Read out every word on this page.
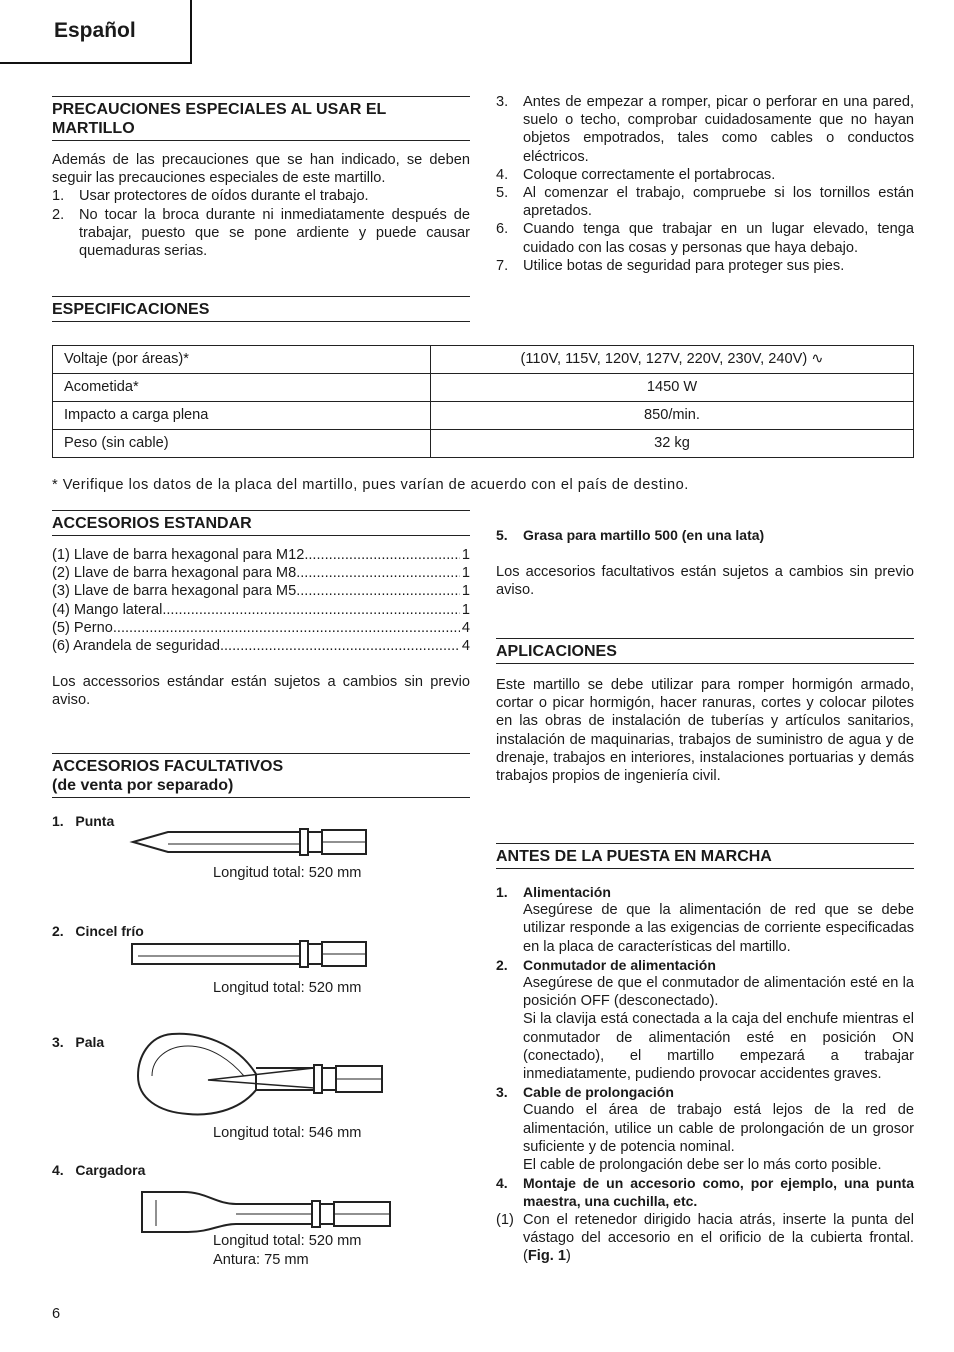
Español
PRECAUCIONES ESPECIALES AL USAR EL MARTILLO

Además de las precauciones que se han indicado, se deben seguir las precauciones especiales de este martillo.

1. Usar protectores de oídos durante el trabajo.
2. No tocar la broca durante ni inmediatamente después de trabajar, puesto que se pone ardiente y puede causar quemaduras serias.
ESPECIFICACIONES
3. Antes de empezar a romper, picar o perforar en una pared, suelo o techo, comprobar cuidadosamente que no hayan objetos empotrados, tales como cables o conductos eléctricos.
4. Coloque correctamente el portabrocas.
5. Al comenzar el trabajo, compruebe si los tornillos están apretados.
6. Cuando tenga que trabajar en un lugar elevado, tenga cuidado con las cosas y personas que haya debajo.
7. Utilice botas de seguridad para proteger sus pies.
Voltaje (por áreas)*	(110V, 115V, 120V, 127V, 220V, 230V, 240V) ∿
Acometida*	1450 W
Impacto a carga plena	850/min.
Peso (sin cable)	32 kg

* Verifique los datos de la placa del martillo, pues varían de acuerdo con el país de destino.

ACCESORIOS ESTANDAR
(1) Llave de barra hexagonal para M12 .....	1
(2) Llave de barra hexagonal para M8 .....	1
(3) Llave de barra hexagonal para M5 .....	1
(4) Mango lateral .....	1
(5) Perno .....	4
(6) Arandela de seguridad .....	4

Los accessorios estándar están sujetos a cambios sin previo aviso.

ACCESORIOS FACULTATIVOS
(de venta por separado)
1. Punta
Longitud total: 520 mm
2. Cincel frío
Longitud total: 520 mm
3. Pala
Longitud total: 546 mm
4. Cargadora
Longitud total: 520 mm
Antura: 75 mm
6
5. Grasa para martillo 500 (en una lata)

Los accesorios facultativos están sujetos a cambios sin previo aviso.

APLICACIONES

Este martillo se debe utilizar para romper hormigón armado, cortar o picar hormigón, hacer ranuras, cortes y colocar pilotes en las obras de instalación de tuberías y artículos sanitarios, instalación de maquinarias, trabajos de suministro de agua y de drenaje, trabajos en interiores, instalaciones portuarias y demás trabajos propios de ingeniería civil.

ANTES DE LA PUESTA EN MARCHA
1. Alimentación
Asegúrese de que la alimentación de red que se debe utilizar responde a las exigencias de corriente especificadas en la placa de características del martillo.
2. Conmutador de alimentación
Asegúrese de que el conmutador de alimentación esté en la posición OFF (desconectado).
Si la clavija está conectada a la caja del enchufe mientras el conmutador de alimentación esté en posición ON (conectado), el martillo empezará a trabajar inmediatamente, pudiendo provocar accidentes graves.
3. Cable de prolongación
Cuando el área de trabajo está lejos de la red de alimentación, utilice un cable de prolongación de un grosor suficiente y de potencia nominal.
El cable de prolongación debe ser lo más corto posible.
4. Montaje de un accesorio como, por ejemplo, una punta maestra, una cuchilla, etc.
(1) Con el retenedor dirigido hacia atrás, inserte la punta del vástago del accesorio en el orificio de la cubierta frontal. (Fig. 1)
